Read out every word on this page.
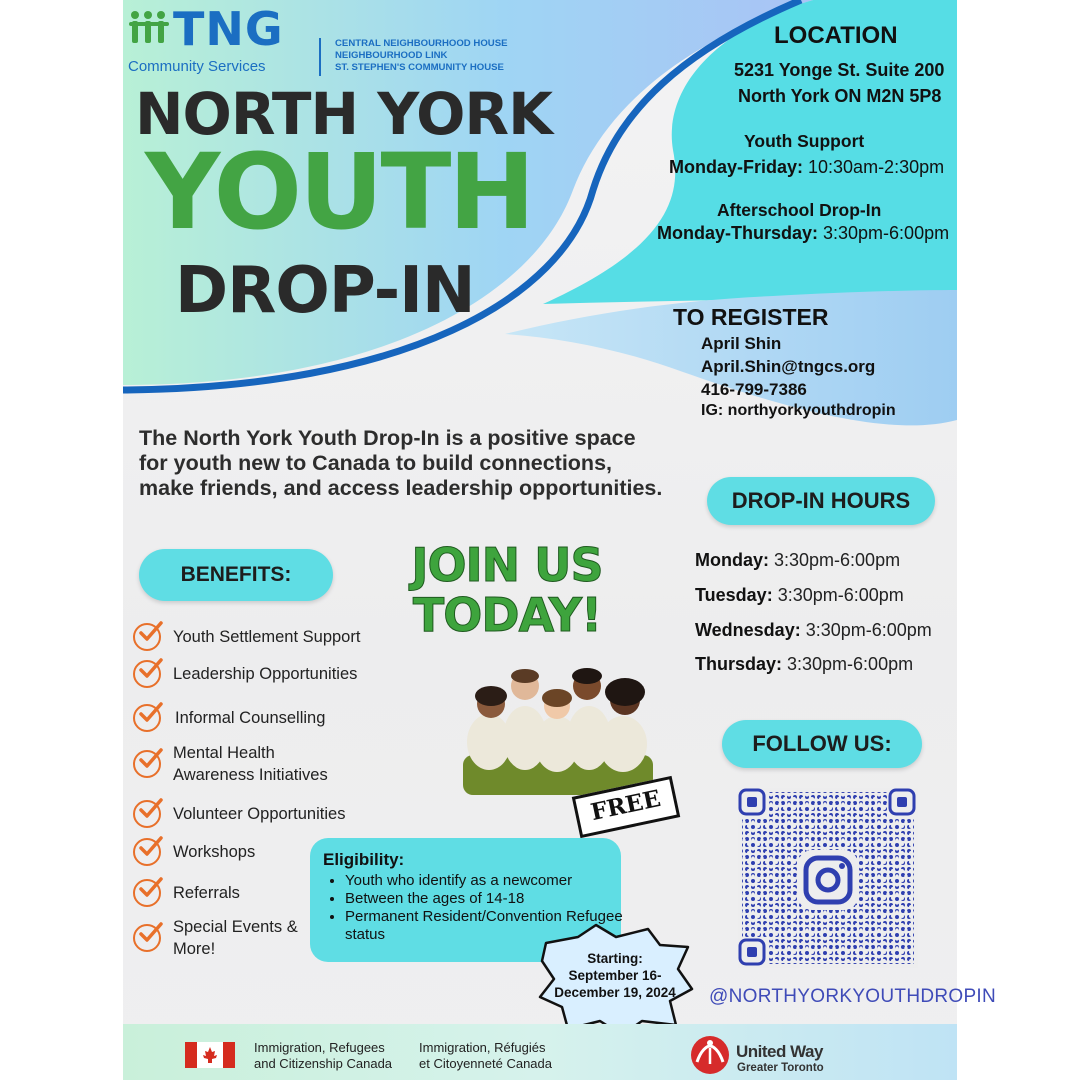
TNG
Community Services
CENTRAL NEIGHBOURHOOD HOUSE
NEIGHBOURHOOD LINK
ST. STEPHEN'S COMMUNITY HOUSE
NORTH YORK
YOUTH
DROP-IN
LOCATION
5231 Yonge St. Suite 200
North York ON M2N 5P8
Youth Support
Monday-Friday: 10:30am-2:30pm
Afterschool Drop-In
Monday-Thursday: 3:30pm-6:00pm
TO REGISTER
April Shin
April.Shin@tngcs.org
416-799-7386
IG: northyorkyouthdropin
The North York Youth Drop-In is a positive space
for youth new to Canada to build connections,
make friends, and access leadership opportunities.	DROP-IN HOURS
Monday: 3:30pm-6:00pm
Tuesday: 3:30pm-6:00pm
Wednesday: 3:30pm-6:00pm
Thursday: 3:30pm-6:00pm
BENEFITS:
Youth Settlement Support
Leadership Opportunities
Informal Counselling
Mental Health
Awareness Initiatives
Volunteer Opportunities
Workshops
Referrals
Special Events &
More!
JOIN US
TODAY!
FREE
Eligibility:
• Youth who identify as a newcomer
• Between the ages of 14-18
• Permanent Resident/Convention Refugee status
Starting:
September 16-
December 19, 2024
FOLLOW US:
@NORTHYORKYOUTHDROPIN
Immigration, Refugees
and Citizenship Canada
Immigration, Réfugiés
et Citoyenneté Canada
United Way
Greater Toronto
